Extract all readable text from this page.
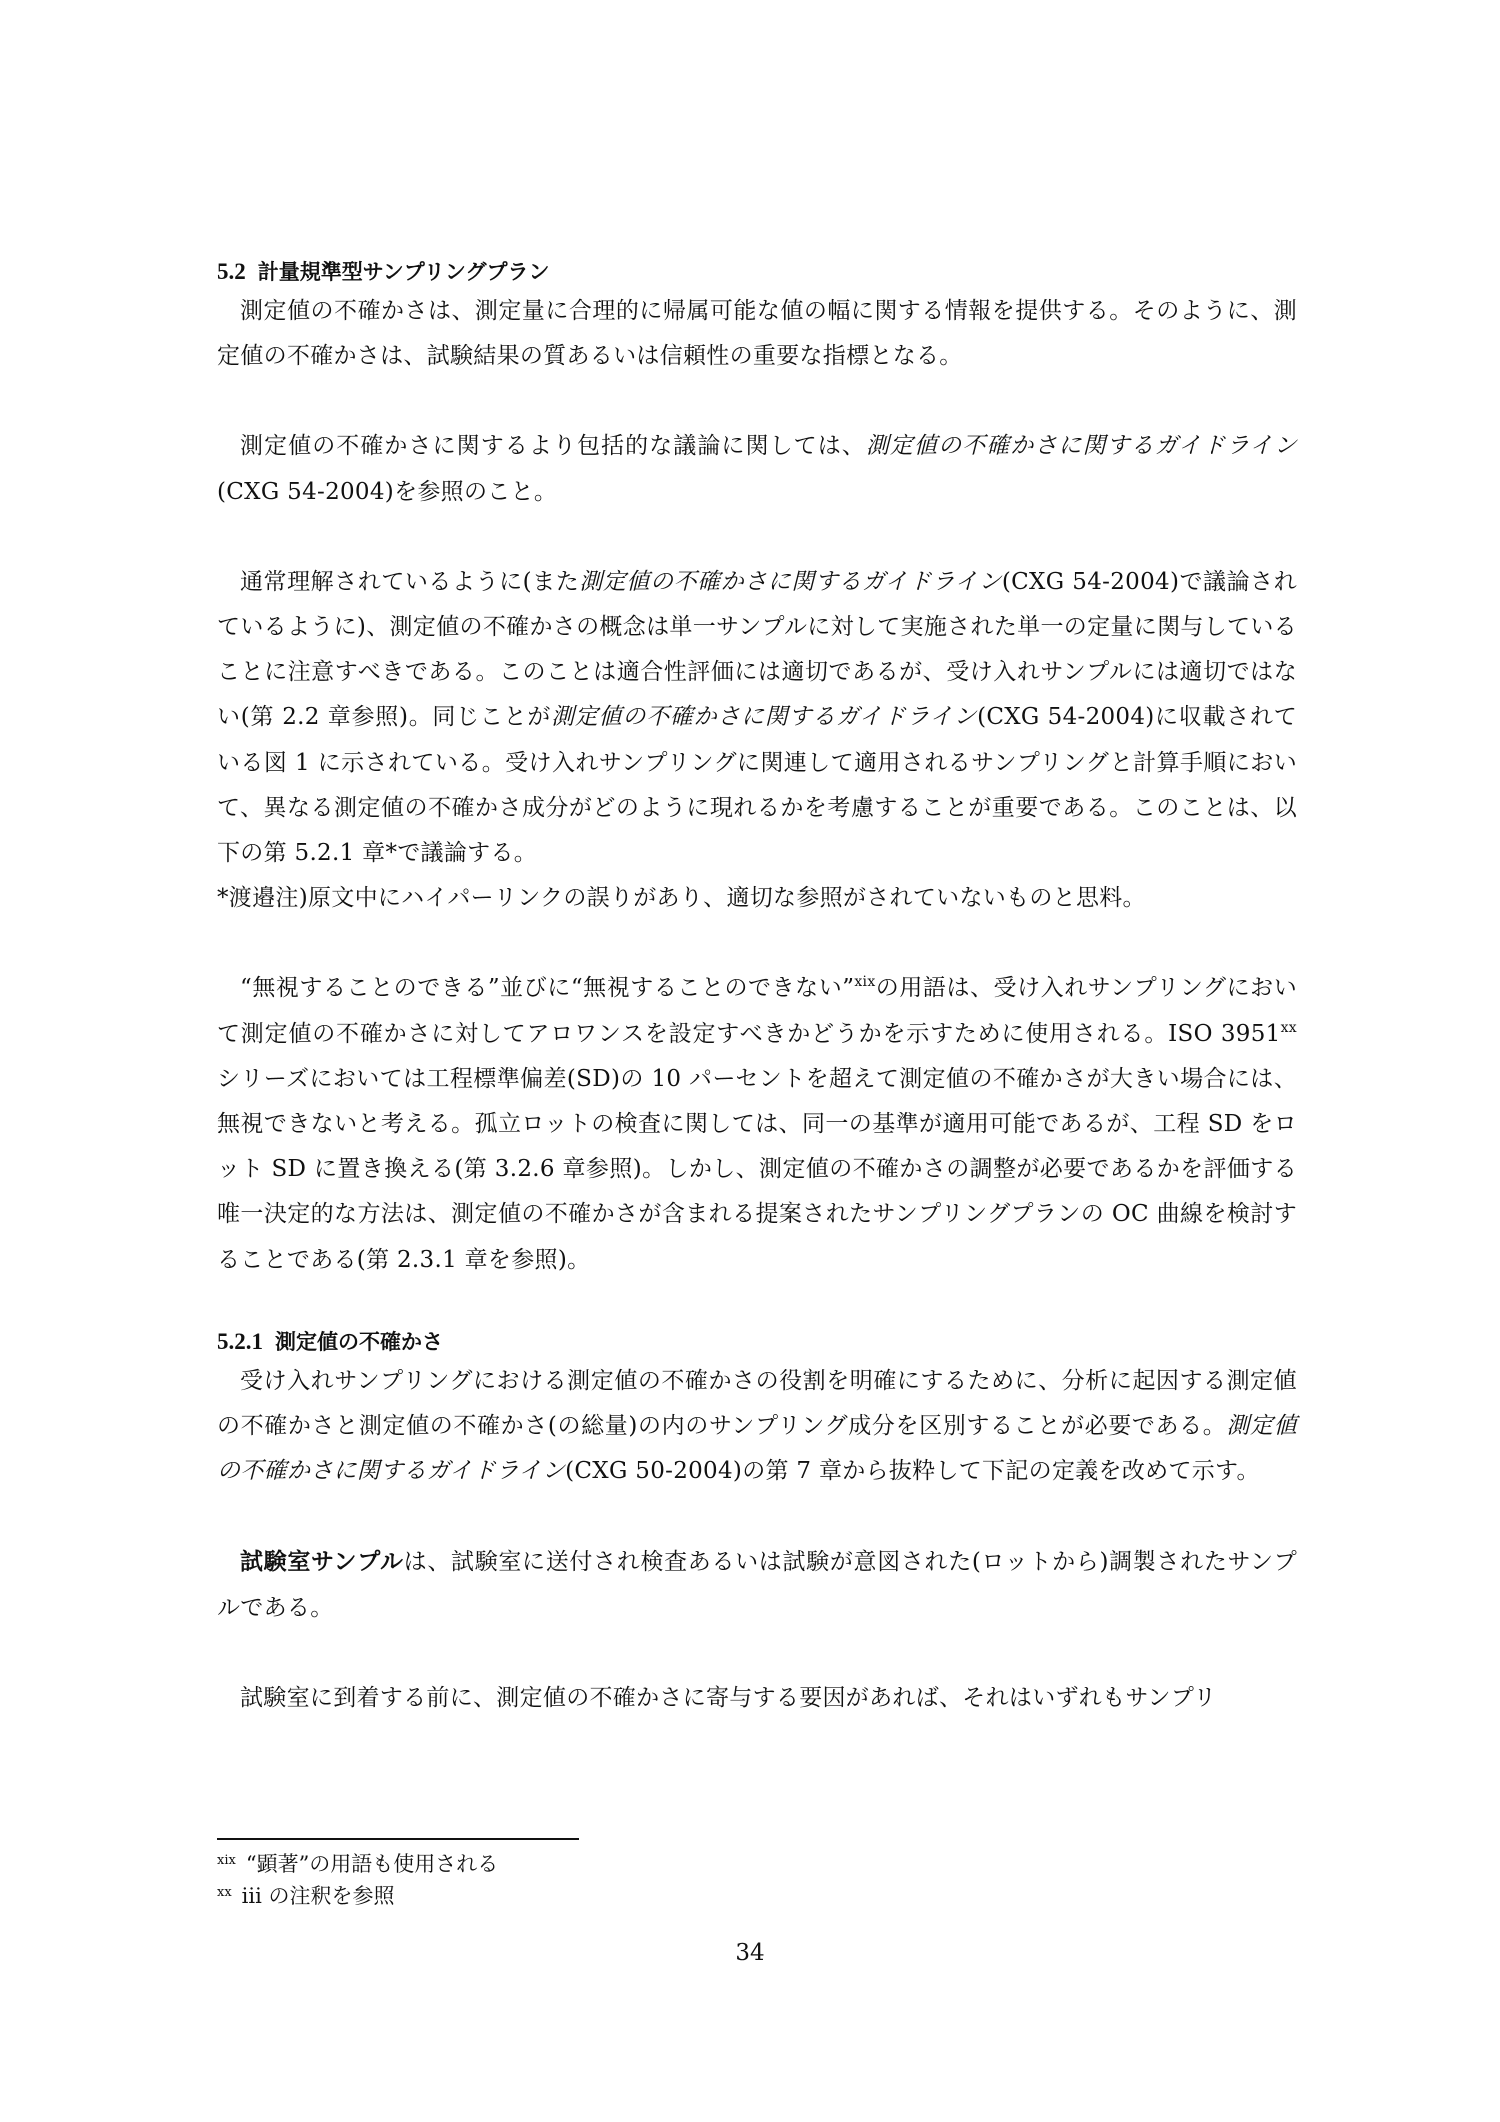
5.2 計量規準型サンプリングプラン

測定値の不確かさは、測定量に合理的に帰属可能な値の幅に関する情報を提供する。そのように、測定値の不確かさは、試験結果の質あるいは信頼性の重要な指標となる。

測定値の不確かさに関するより包括的な議論に関しては、測定値の不確かさに関するガイドライン(CXG 54-2004)を参照のこと。

通常理解されているように(また測定値の不確かさに関するガイドライン(CXG 54-2004)で議論されているように)、測定値の不確かさの概念は単一サンプルに対して実施された単一の定量に関与していることに注意すべきである。このことは適合性評価には適切であるが、受け入れサンプルには適切ではない(第 2.2 章参照)。同じことが測定値の不確かさに関するガイドライン(CXG 54-2004)に収載されている図 1 に示されている。受け入れサンプリングに関連して適用されるサンプリングと計算手順において、異なる測定値の不確かさ成分がどのように現れるかを考慮することが重要である。このことは、以下の第 5.2.1 章*で議論する。

*渡邉注)原文中にハイパーリンクの誤りがあり、適切な参照がされていないものと思料。

“無視することのできる”並びに“無視することのできない”$^{xix}$の用語は、受け入れサンプリングにおいて測定値の不確かさに対してアロワンスを設定すべきかどうかを示すために使用される。ISO 3951$^{xx}$シリーズにおいては工程標準偏差(SD)の 10 パーセントを超えて測定値の不確かさが大きい場合には、無視できないと考える。孤立ロットの検査に関しては、同一の基準が適用可能であるが、工程 SD をロット SD に置き換える(第 3.2.6 章参照)。しかし、測定値の不確かさの調整が必要であるかを評価する唯一決定的な方法は、測定値の不確かさが含まれる提案されたサンプリングプランの OC 曲線を検討することである(第 2.3.1 章を参照)。

5.2.1 測定値の不確かさ

受け入れサンプリングにおける測定値の不確かさの役割を明確にするために、分析に起因する測定値の不確かさと測定値の不確かさ(の総量)の内のサンプリング成分を区別することが必要である。測定値の不確かさに関するガイドライン(CXG 50-2004)の第 7 章から抜粋して下記の定義を改めて示す。

試験室サンプルは、試験室に送付され検査あるいは試験が意図された(ロットから)調製されたサンプルである。

試験室に到着する前に、測定値の不確かさに寄与する要因があれば、それはいずれもサンプリ

$^{xix}$ “顕著”の用語も使用される
$^{xx}$ iii の注釈を参照
34
